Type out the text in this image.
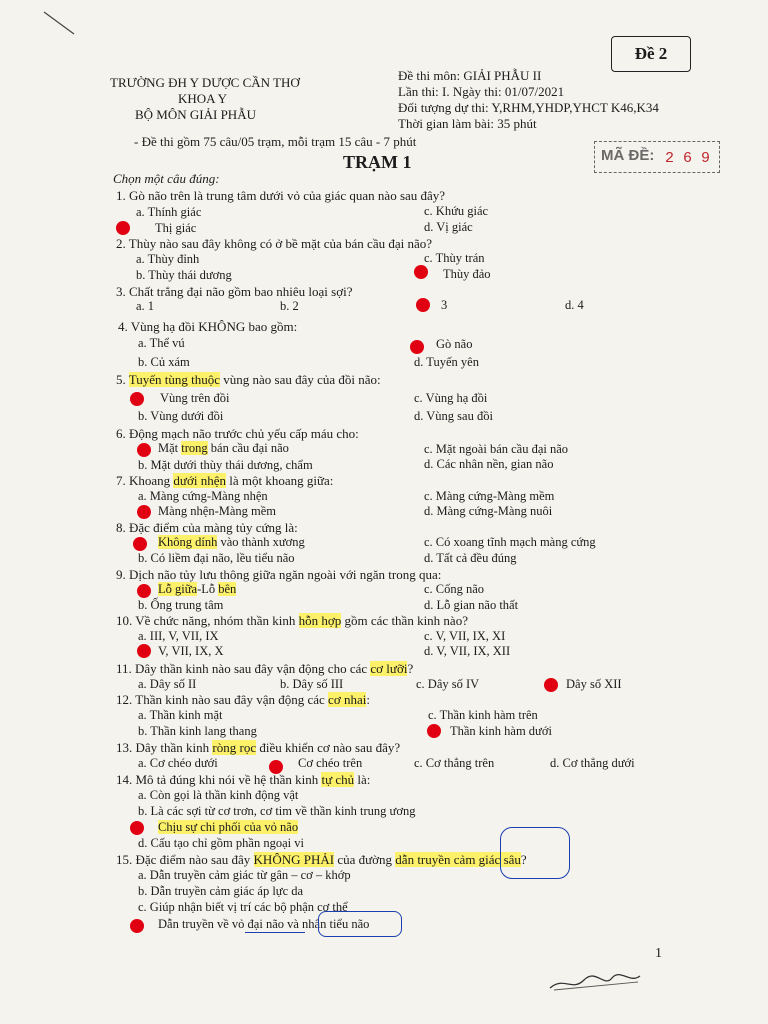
Đề 2
TRƯỜNG ĐH Y DƯỢC CẦN THƠ
KHOA Y
BỘ MÔN GIẢI PHẪU
Đề thi môn: GIẢI PHẪU II
Lần thi: I. Ngày thi: 01/07/2021
Đối tượng dự thi: Y,RHM,YHDP,YHCT K46,K34
Thời gian làm bài: 35 phút
- Đề thi gồm 75 câu/05 trạm, mỗi trạm 15 câu - 7 phút
MÃ ĐỀ: 2 6 9
TRẠM 1
Chọn một câu đúng:
1. Gò não trên là trung tâm dưới vỏ của giác quan nào sau đây?
a. Thính giác
Thị giác
c. Khứu giác
d. Vị giác
2. Thùy nào sau đây không có ở bề mặt của bán cầu đại não?
a. Thùy đỉnh
b. Thùy thái dương
c. Thùy trán
Thùy đảo
3. Chất trắng đại não gồm bao nhiêu loại sợi?
a. 1	b. 2	3	d. 4
4. Vùng hạ đồi KHÔNG bao gồm:
a. Thể vú
b. Củ xám
Gò não
d. Tuyến yên
5. Tuyến tùng thuộc vùng nào sau đây của đồi não:
Vùng trên đồi
b. Vùng dưới đồi
c. Vùng hạ đồi
d. Vùng sau đồi
6. Động mạch não trước chủ yếu cấp máu cho:
Mặt trong bán cầu đại não
b. Mặt dưới thùy thái dương, chẩm
c. Mặt ngoài bán cầu đại não
d. Các nhân nền, gian não
7. Khoang dưới nhện là một khoang giữa:
a. Màng cứng-Màng nhện
Màng nhện-Màng mềm
c. Màng cứng-Màng mềm
d. Màng cứng-Màng nuôi
8. Đặc điểm của màng tủy cứng là:
Không dính vào thành xương
b. Có liềm đại não, lều tiểu não
c. Có xoang tĩnh mạch màng cứng
d. Tất cả đều đúng
9. Dịch não tủy lưu thông giữa ngăn ngoài với ngăn trong qua:
Lỗ giữa-Lỗ bên
b. Ống trung tâm
c. Cống não
d. Lỗ gian não thất
10. Về chức năng, nhóm thần kinh hỗn hợp gồm các thần kinh nào?
a. III, V, VII, IX
V, VII, IX, X
c. V, VII, IX, XI
d. V, VII, IX, XII
11. Dây thần kinh nào sau đây vận động cho các cơ lưỡi?
a. Dây số II	b. Dây số III	c. Dây số IV	Dây số XII
12. Thần kinh nào sau đây vận động các cơ nhai:
a. Thần kinh mặt
b. Thần kinh lang thang
c. Thần kinh hàm trên
Thần kinh hàm dưới
13. Dây thần kinh ròng rọc điều khiển cơ nào sau đây?
a. Cơ chéo dưới	Cơ chéo trên	c. Cơ thẳng trên	d. Cơ thẳng dưới
14. Mô tả đúng khi nói về hệ thần kinh tự chủ là:
a. Còn gọi là thần kinh động vật
b. Là các sợi từ cơ trơn, cơ tim về thần kinh trung ương
Chịu sự chi phối của vỏ não
d. Cấu tạo chỉ gồm phần ngoại vi
15. Đặc điểm nào sau đây KHÔNG PHẢI của đường dẫn truyền cảm giác sâu?
a. Dẫn truyền cảm giác từ gân – cơ – khớp
b. Dẫn truyền cảm giác áp lực da
c. Giúp nhận biết vị trí các bộ phận cơ thể
Dẫn truyền về vỏ đại não và nhân tiểu não
1
